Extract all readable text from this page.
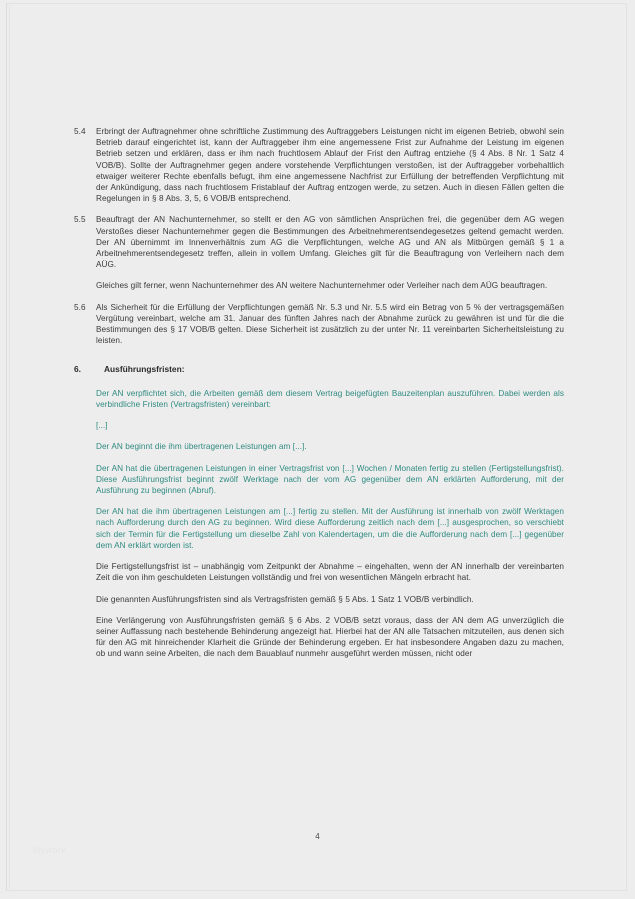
5.4	Erbringt der Auftragnehmer ohne schriftliche Zustimmung des Auftraggebers Leistungen nicht im eigenen Betrieb, obwohl sein Betrieb darauf eingerichtet ist, kann der Auftraggeber ihm eine angemessene Frist zur Aufnahme der Leistung im eigenen Betrieb setzen und erklären, dass er ihm nach fruchtlosem Ablauf der Frist den Auftrag entziehe (§ 4 Abs. 8 Nr. 1 Satz 4 VOB/B). Sollte der Auftragnehmer gegen andere vorstehende Verpflichtungen verstoßen, ist der Auftraggeber vorbehaltlich etwaiger weiterer Rechte ebenfalls befugt, ihm eine angemessene Nachfrist zur Erfüllung der betreffenden Verpflichtung mit der Ankündigung, dass nach fruchtlosem Fristablauf der Auftrag entzogen werde, zu setzen. Auch in diesen Fällen gelten die Regelungen in § 8 Abs. 3, 5, 6 VOB/B entsprechend.

5.5	Beauftragt der AN Nachunternehmer, so stellt er den AG von sämtlichen Ansprüchen frei, die gegenüber dem AG wegen Verstoßes dieser Nachunternehmer gegen die Bestimmungen des Arbeitnehmerentsendegesetzes geltend gemacht werden. Der AN übernimmt im Innenverhältnis zum AG die Verpflichtungen, welche AG und AN als Mitbürgen gemäß § 1 a Arbeitnehmerentsendegesetz treffen, allein in vollem Umfang. Gleiches gilt für die Beauftragung von Verleihern nach dem AÜG.

Gleiches gilt ferner, wenn Nachunternehmer des AN weitere Nachunternehmer oder Verleiher nach dem AÜG beauftragen.

5.6	Als Sicherheit für die Erfüllung der Verpflichtungen gemäß Nr. 5.3 und Nr. 5.5 wird ein Betrag von 5 % der vertragsgemäßen Vergütung vereinbart, welche am 31. Januar des fünften Jahres nach der Abnahme zurück zu gewähren ist und für die die Bestimmungen des § 17 VOB/B gelten. Diese Sicherheit ist zusätzlich zu der unter Nr. 11 vereinbarten Sicherheitsleistung zu leisten.

6.	Ausführungsfristen:

Der AN verpflichtet sich, die Arbeiten gemäß dem diesem Vertrag beigefügten Bauzeitenplan auszuführen. Dabei werden als verbindliche Fristen (Vertragsfristen) vereinbart:

[...]

Der AN beginnt die ihm übertragenen Leistungen am [...].

Der AN hat die übertragenen Leistungen in einer Vertragsfrist von [...] Wochen / Monaten fertig zu stellen (Fertigstellungsfrist). Diese Ausführungsfrist beginnt zwölf Werktage nach der vom AG gegenüber dem AN erklärten Aufforderung, mit der Ausführung zu beginnen (Abruf).

Der AN hat die ihm übertragenen Leistungen am [...] fertig zu stellen. Mit der Ausführung ist innerhalb von zwölf Werktagen nach Aufforderung durch den AG zu beginnen. Wird diese Aufforderung zeitlich nach dem [...] ausgesprochen, so verschiebt sich der Termin für die Fertigstellung um dieselbe Zahl von Kalendertagen, um die die Aufforderung nach dem [...] gegenüber dem AN erklärt worden ist.

Die Fertigstellungsfrist ist – unabhängig vom Zeitpunkt der Abnahme – eingehalten, wenn der AN innerhalb der vereinbarten Zeit die von ihm geschuldeten Leistungen vollständig und frei von wesentlichen Mängeln erbracht hat.

Die genannten Ausführungsfristen sind als Vertragsfristen gemäß § 5 Abs. 1 Satz 1 VOB/B verbindlich.

Eine Verlängerung von Ausführungsfristen gemäß § 6 Abs. 2 VOB/B setzt voraus, dass der AN dem AG unverzüglich die seiner Auffassung nach bestehende Behinderung angezeigt hat. Hierbei hat der AN alle Tatsachen mitzuteilen, aus denen sich für den AG mit hinreichender Klarheit die Gründe der Behinderung ergeben. Er hat insbesondere Angaben dazu zu machen, ob und wann seine Arbeiten, die nach dem Bauablauf nunmehr ausgeführt werden müssen, nicht oder

4
lilywork
